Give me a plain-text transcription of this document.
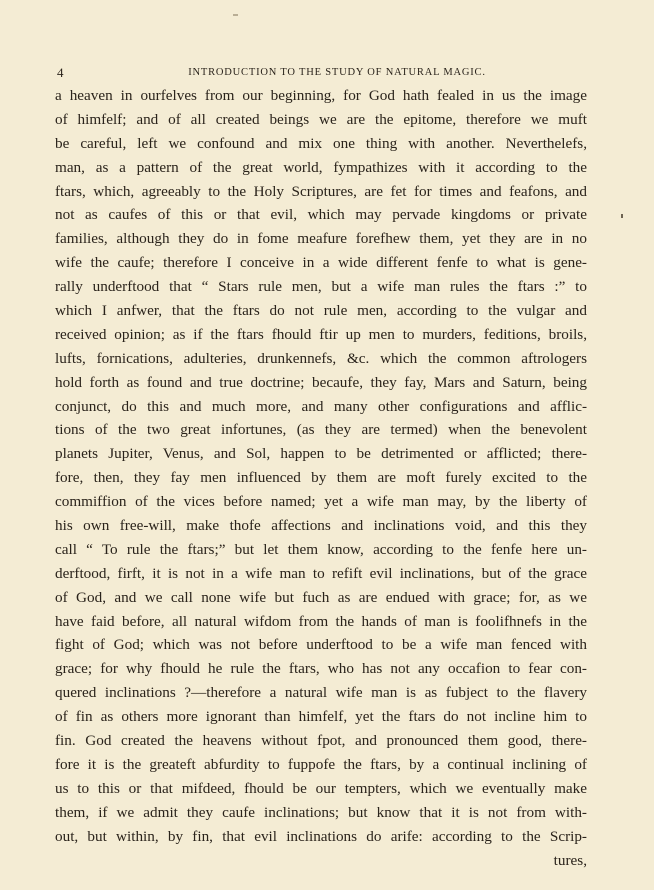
4	INTRODUCTION TO THE STUDY OF NATURAL MAGIC.
a heaven in ourfelves from our beginning, for God hath fealed in us the image
of himfelf; and of all created beings we are the epitome, therefore we muft
be careful, left we confound and mix one thing with another. Neverthelefs,
man, as a pattern of the great world, fympathizes with it according to the
ftars, which, agreeably to the Holy Scriptures, are fet for times and feafons, and
not as caufes of this or that evil, which may pervade kingdoms or private
families, although they do in fome meafure forefhew them, yet they are in no
wife the caufe; therefore I conceive in a wide different fenfe to what is gene-
rally underftood that “ Stars rule men, but a wife man rules the ftars :” to
which I anfwer, that the ftars do not rule men, according to the vulgar and
received opinion; as if the ftars fhould ftir up men to murders, feditions, broils,
lufts, fornications, adulteries, drunkennefs, &c. which the common aftrologers
hold forth as found and true doctrine; becaufe, they fay, Mars and Saturn, being
conjunct, do this and much more, and many other configurations and afflic-
tions of the two great infortunes, (as they are termed) when the benevolent
planets Jupiter, Venus, and Sol, happen to be detrimented or afflicted; there-
fore, then, they fay men influenced by them are moft furely excited to the
commiffion of the vices before named; yet a wife man may, by the liberty of
his own free-will, make thofe affections and inclinations void, and this they
call “ To rule the ftars;” but let them know, according to the fenfe here un-
derftood, firft, it is not in a wife man to refift evil inclinations, but of the grace
of God, and we call none wife but fuch as are endued with grace; for, as we
have faid before, all natural wifdom from the hands of man is foolifhnefs in the
fight of God; which was not before underftood to be a wife man fenced with
grace; for why fhould he rule the ftars, who has not any occafion to fear con-
quered inclinations ?—therefore a natural wife man is as fubject to the flavery
of fin as others more ignorant than himfelf, yet the ftars do not incline him to
fin. God created the heavens without fpot, and pronounced them good, there-
fore it is the greateft abfurdity to fuppofe the ftars, by a continual inclining of
us to this or that mifdeed, fhould be our tempters, which we eventually make
them, if we admit they caufe inclinations; but know that it is not from with-
out, but within, by fin, that evil inclinations do arife: according to the Scrip-
tures,
